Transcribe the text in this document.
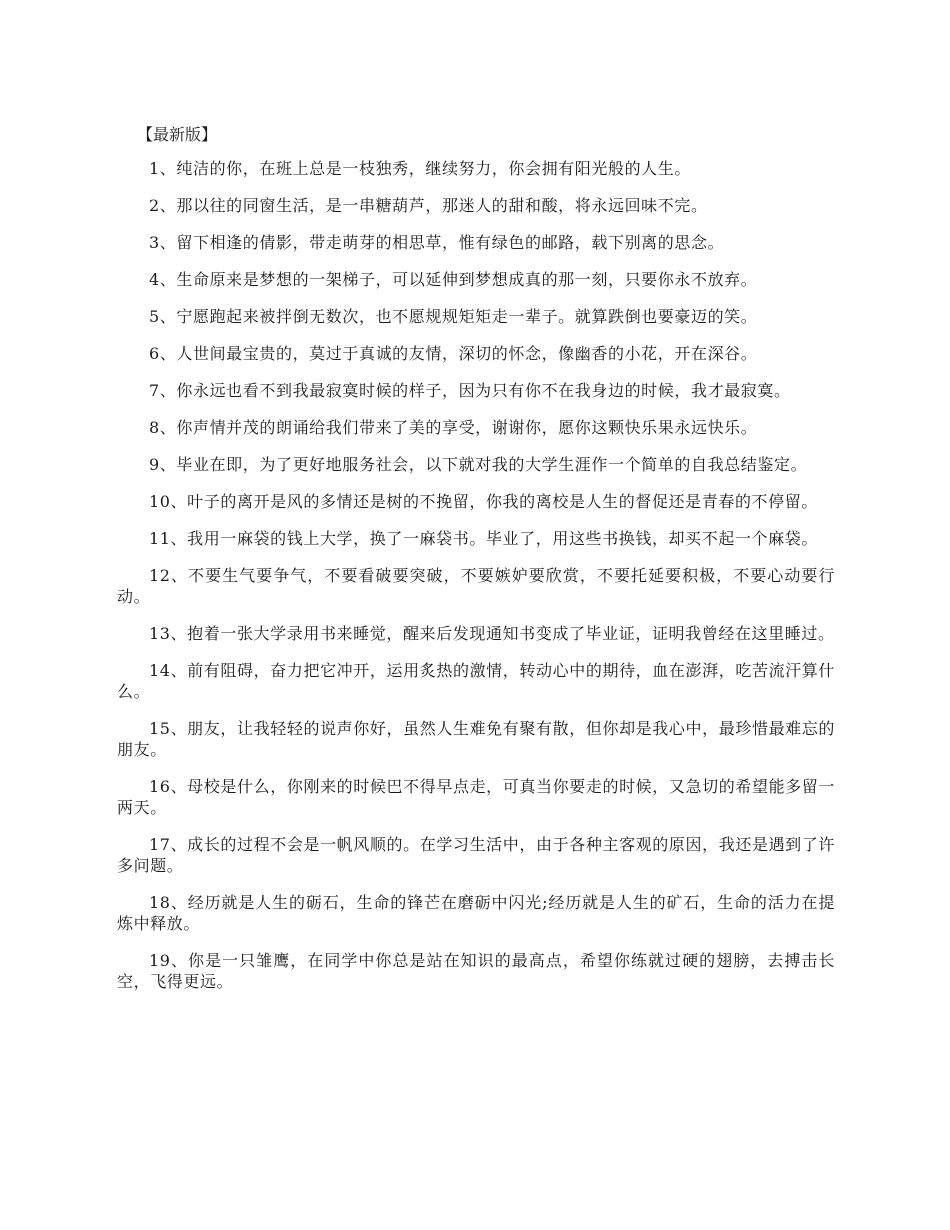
【最新版】

1、纯洁的你，在班上总是一枝独秀，继续努力，你会拥有阳光般的人生。

2、那以往的同窗生活，是一串糖葫芦，那迷人的甜和酸，将永远回味不完。

3、留下相逢的倩影，带走萌芽的相思草，惟有绿色的邮路，载下别离的思念。

4、生命原来是梦想的一架梯子，可以延伸到梦想成真的那一刻，只要你永不放弃。

5、宁愿跑起来被拌倒无数次，也不愿规规矩矩走一辈子。就算跌倒也要豪迈的笑。

6、人世间最宝贵的，莫过于真诚的友情，深切的怀念，像幽香的小花，开在深谷。

7、你永远也看不到我最寂寞时候的样子，因为只有你不在我身边的时候，我才最寂寞。

8、你声情并茂的朗诵给我们带来了美的享受，谢谢你，愿你这颗快乐果永远快乐。

9、毕业在即，为了更好地服务社会，以下就对我的大学生涯作一个简单的自我总结鉴定。

10、叶子的离开是风的多情还是树的不挽留，你我的离校是人生的督促还是青春的不停留。

11、我用一麻袋的钱上大学，换了一麻袋书。毕业了，用这些书换钱，却买不起一个麻袋。

12、不要生气要争气，不要看破要突破，不要嫉妒要欣赏，不要托延要积极，不要心动要行动。

13、抱着一张大学录用书来睡觉，醒来后发现通知书变成了毕业证，证明我曾经在这里睡过。

14、前有阻碍，奋力把它冲开，运用炙热的激情，转动心中的期待，血在澎湃，吃苦流汗算什么。

15、朋友，让我轻轻的说声你好，虽然人生难免有聚有散，但你却是我心中，最珍惜最难忘的朋友。

16、母校是什么，你刚来的时候巴不得早点走，可真当你要走的时候，又急切的希望能多留一两天。

17、成长的过程不会是一帆风顺的。在学习生活中，由于各种主客观的原因，我还是遇到了许多问题。

18、经历就是人生的砺石，生命的锋芒在磨砺中闪光;经历就是人生的矿石，生命的活力在提炼中释放。

19、你是一只雏鹰，在同学中你总是站在知识的最高点，希望你练就过硬的翅膀，去搏击长空，飞得更远。
